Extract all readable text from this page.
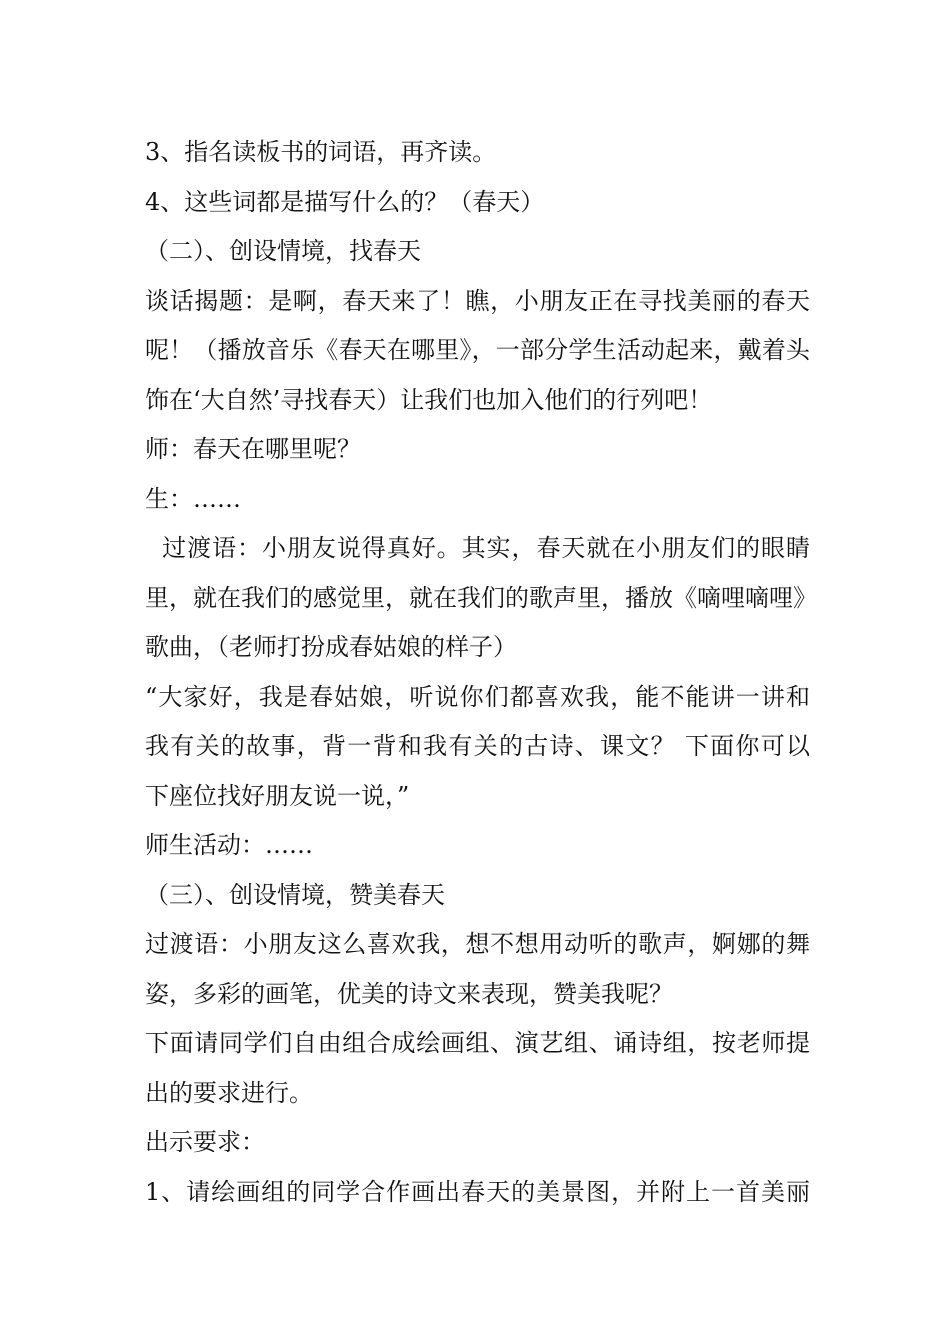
3、指名读板书的词语，再齐读。
4、这些词都是描写什么的？（春天）
（二）、创设情境，找春天
谈话揭题：是啊，春天来了！瞧，小朋友正在寻找美丽的春天
呢！（播放音乐《春天在哪里》，一部分学生活动起来，戴着头
饰在‘大自然’寻找春天）让我们也加入他们的行列吧！
师：春天在哪里呢？
生：……
过渡语：小朋友说得真好。其实，春天就在小朋友们的眼睛
里，就在我们的感觉里，就在我们的歌声里，播放《嘀哩嘀哩》
歌曲，（老师打扮成春姑娘的样子）
“大家好，我是春姑娘，听说你们都喜欢我，能不能讲一讲和
我有关的故事，背一背和我有关的古诗、课文？ 下面你可以
下座位找好朋友说一说，”
师生活动：……
（三）、创设情境，赞美春天
过渡语：小朋友这么喜欢我，想不想用动听的歌声，婀娜的舞
姿，多彩的画笔，优美的诗文来表现，赞美我呢？
下面请同学们自由组合成绘画组、演艺组、诵诗组，按老师提
出的要求进行。
出示要求：
1、请绘画组的同学合作画出春天的美景图，并附上一首美丽
